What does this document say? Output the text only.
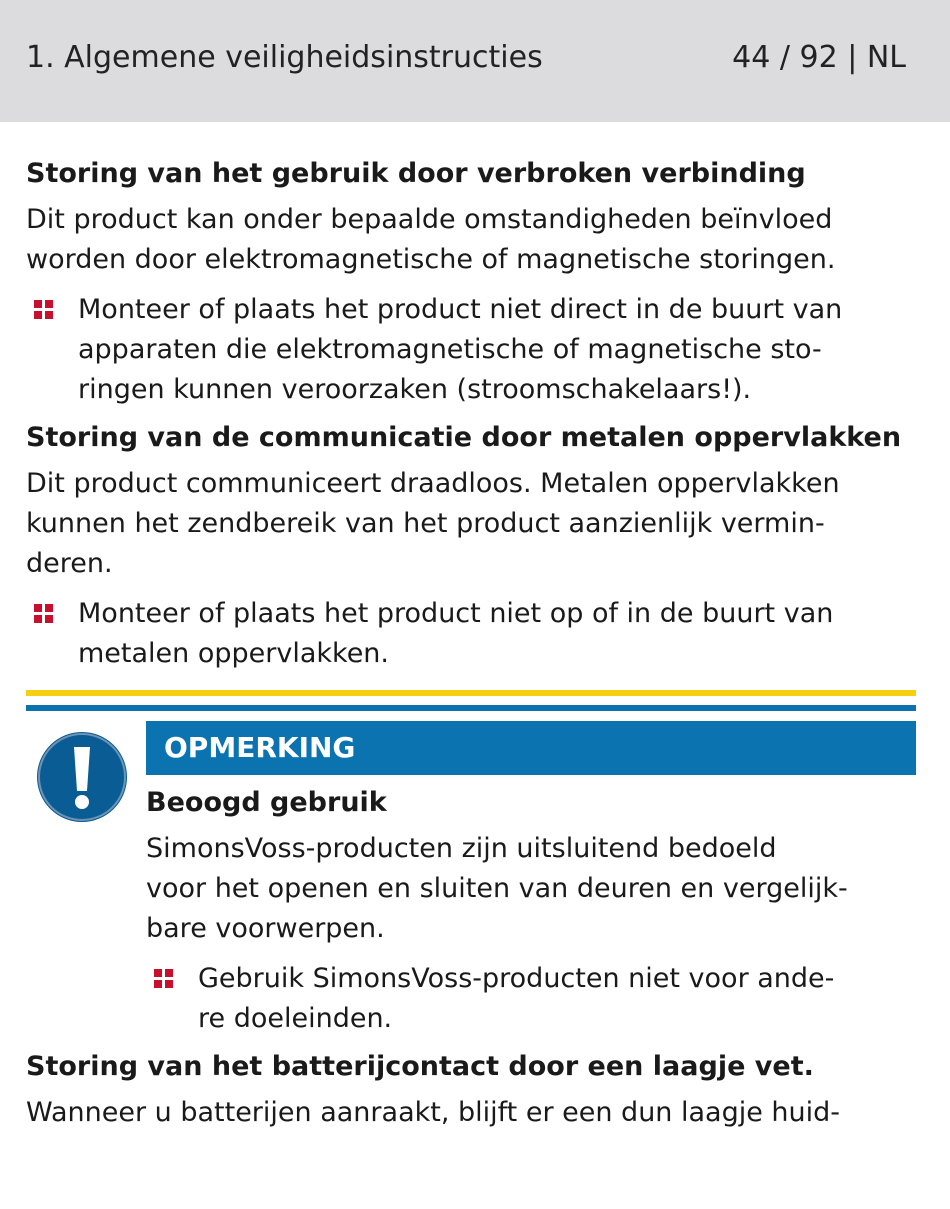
1. Algemene veiligheidsinstructies	44 / 92 | NL
Storing van het gebruik door verbroken verbinding
Dit product kan onder bepaalde omstandigheden beïnvloed
worden door elektromagnetische of magnetische storingen.
Monteer of plaats het product niet direct in de buurt van
apparaten die elektromagnetische of magnetische sto-
ringen kunnen veroorzaken (stroomschakelaars!).
Storing van de communicatie door metalen oppervlakken
Dit product communiceert draadloos. Metalen oppervlakken
kunnen het zendbereik van het product aanzienlijk vermin-
deren.
Monteer of plaats het product niet op of in de buurt van
metalen oppervlakken.
OPMERKING
Beoogd gebruik
SimonsVoss-producten zijn uitsluitend bedoeld
voor het openen en sluiten van deuren en vergelijk-
bare voorwerpen.
Gebruik SimonsVoss-producten niet voor ande-
re doeleinden.
Storing van het batterijcontact door een laagje vet.
Wanneer u batterijen aanraakt, blijft er een dun laagje huid-
